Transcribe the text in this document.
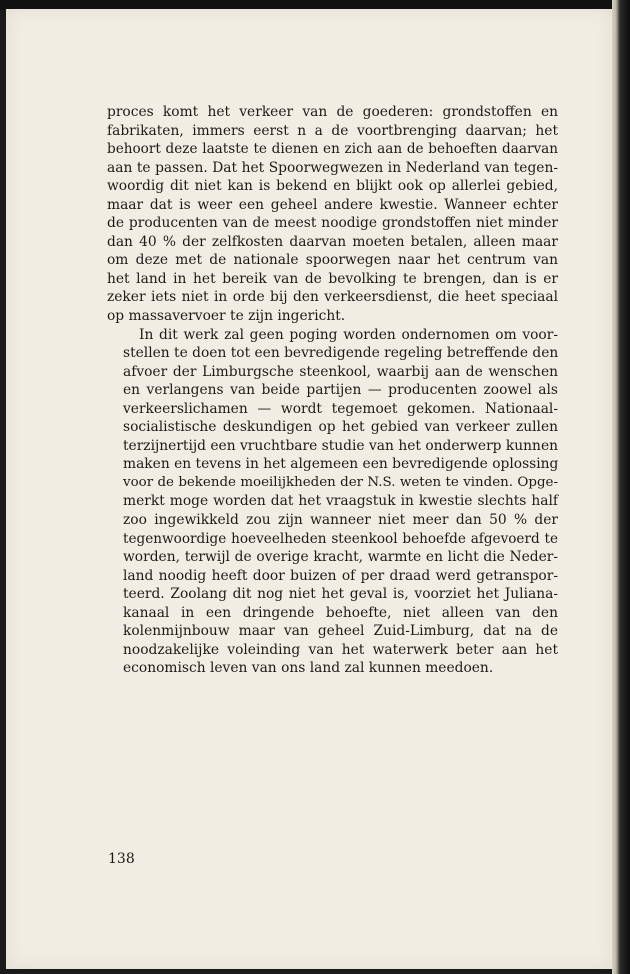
proces komt het verkeer van de goederen: grondstoffen en
fabrikaten, immers eerst n a de voortbrenging daarvan; het
behoort deze laatste te dienen en zich aan de behoeften daarvan
aan te passen. Dat het Spoorwegwezen in Nederland van tegen-
woordig dit niet kan is bekend en blijkt ook op allerlei gebied,
maar dat is weer een geheel andere kwestie. Wanneer echter
de producenten van de meest noodige grondstoffen niet minder
dan 40 % der zelfkosten daarvan moeten betalen, alleen maar
om deze met de nationale spoorwegen naar het centrum van
het land in het bereik van de bevolking te brengen, dan is er
zeker iets niet in orde bij den verkeersdienst, die heet speciaal
op massavervoer te zijn ingericht.

In dit werk zal geen poging worden ondernomen om voor-
stellen te doen tot een bevredigende regeling betreffende den
afvoer der Limburgsche steenkool, waarbij aan de wenschen
en verlangens van beide partijen — producenten zoowel als
verkeerslichamen — wordt tegemoet gekomen. Nationaal-
socialistische deskundigen op het gebied van verkeer zullen
terzijnertijd een vruchtbare studie van het onderwerp kunnen
maken en tevens in het algemeen een bevredigende oplossing
voor de bekende moeilijkheden der N.S. weten te vinden. Opge-
merkt moge worden dat het vraagstuk in kwestie slechts half
zoo ingewikkeld zou zijn wanneer niet meer dan 50 % der
tegenwoordige hoeveelheden steenkool behoefde afgevoerd te
worden, terwijl de overige kracht, warmte en licht die Neder-
land noodig heeft door buizen of per draad werd getranspor-
teerd. Zoolang dit nog niet het geval is, voorziet het Juliana-
kanaal in een dringende behoefte, niet alleen van den
kolenmijnbouw maar van geheel Zuid-Limburg, dat na de
noodzakelijke voleinding van het waterwerk beter aan het
economisch leven van ons land zal kunnen meedoen.

138
